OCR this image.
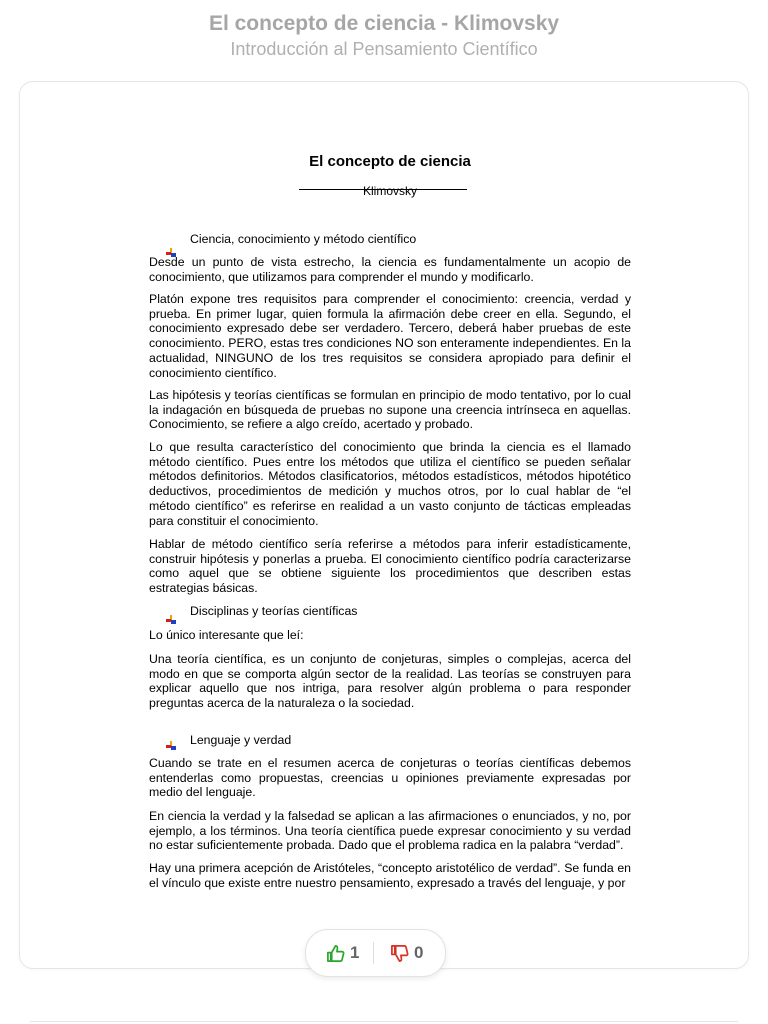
El concepto de ciencia - Klimovsky
Introducción al Pensamiento Científico
El concepto de ciencia
Klimovsky
Ciencia, conocimiento y método científico
Desde un punto de vista estrecho, la ciencia es fundamentalmente un acopio de conocimiento, que utilizamos para comprender el mundo y modificarlo.
Platón expone tres requisitos para comprender el conocimiento: creencia, verdad y prueba. En primer lugar, quien formula la afirmación debe creer en ella. Segundo, el conocimiento expresado debe ser verdadero. Tercero, deberá haber pruebas de este conocimiento. PERO, estas tres condiciones NO son enteramente independientes. En la actualidad, NINGUNO de los tres requisitos se considera apropiado para definir el conocimiento científico.
Las hipótesis y teorías científicas se formulan en principio de modo tentativo, por lo cual la indagación en búsqueda de pruebas no supone una creencia intrínseca en aquellas. Conocimiento, se refiere a algo creído, acertado y probado.
Lo que resulta característico del conocimiento que brinda la ciencia es el llamado método científico. Pues entre los métodos que utiliza el científico se pueden señalar métodos definitorios. Métodos clasificatorios, métodos estadísticos, métodos hipotético deductivos, procedimientos de medición y muchos otros, por lo cual hablar de “el método científico” es referirse en realidad a un vasto conjunto de tácticas empleadas para constituir el conocimiento.
Hablar de método científico sería referirse a métodos para inferir estadísticamente, construir hipótesis y ponerlas a prueba. El conocimiento científico podría caracterizarse como aquel que se obtiene siguiente los procedimientos que describen estas estrategias básicas.
Disciplinas y teorías científicas
Lo único interesante que leí:
Una teoría científica, es un conjunto de conjeturas, simples o complejas, acerca del modo en que se comporta algún sector de la realidad. Las teorías se construyen para explicar aquello que nos intriga, para resolver algún problema o para responder preguntas acerca de la naturaleza o la sociedad.
Lenguaje y verdad
Cuando se trate en el resumen acerca de conjeturas o teorías científicas debemos entenderlas como propuestas, creencias u opiniones previamente expresadas por medio del lenguaje.
En ciencia la verdad y la falsedad se aplican a las afirmaciones o enunciados, y no, por ejemplo, a los términos. Una teoría científica puede expresar conocimiento y su verdad no estar suficientemente probada. Dado que el problema radica en la palabra “verdad”.
Hay una primera acepción de Aristóteles, “concepto aristotélico de verdad”. Se funda en el vínculo que existe entre nuestro pensamiento, expresado a través del lenguaje, y por
1	0
